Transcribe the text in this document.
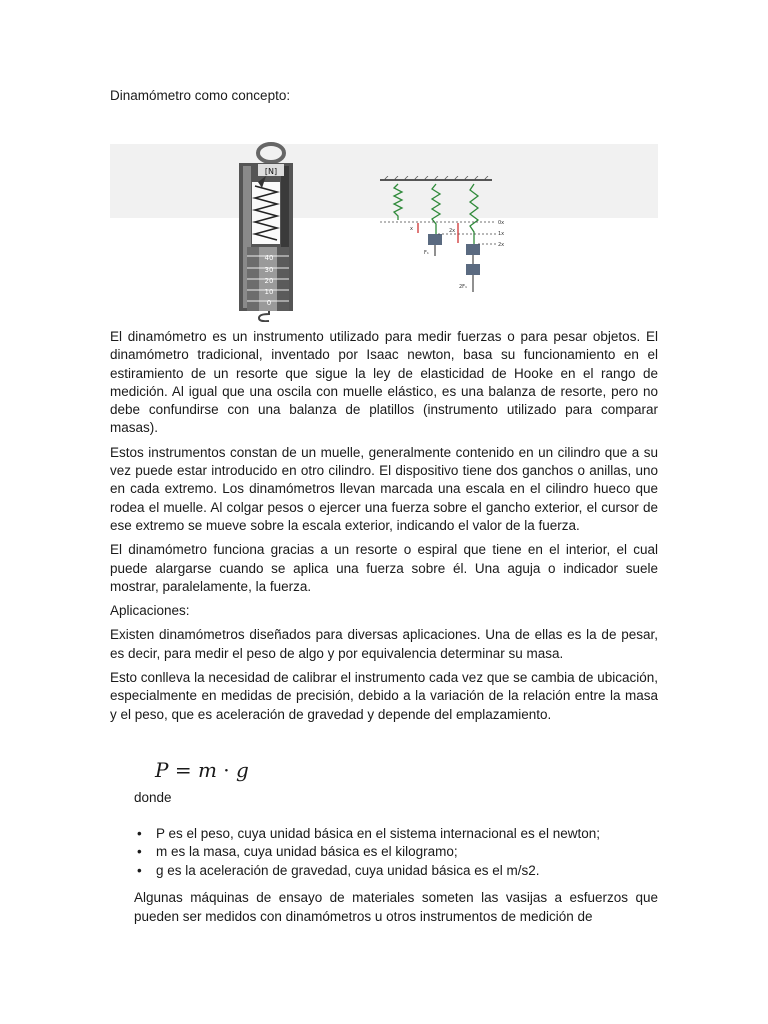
Dinamómetro como concepto:
[N]
40
30
20
10
0
0x
1x
2x
x	2x
F₁
2F₁

El dinamómetro es un instrumento utilizado para medir fuerzas o para pesar objetos. El dinamómetro tradicional, inventado por Isaac newton, basa su funcionamiento en el estiramiento de un resorte que sigue la ley de elasticidad de Hooke en el rango de medición. Al igual que una oscila con muelle elástico, es una balanza de resorte, pero no debe confundirse con una balanza de platillos (instrumento utilizado para comparar masas).

Estos instrumentos constan de un muelle, generalmente contenido en un cilindro que a su vez puede estar introducido en otro cilindro. El dispositivo tiene dos ganchos o anillas, uno en cada extremo. Los dinamómetros llevan marcada una escala en el cilindro hueco que rodea el muelle. Al colgar pesos o ejercer una fuerza sobre el gancho exterior, el cursor de ese extremo se mueve sobre la escala exterior, indicando el valor de la fuerza.

El dinamómetro funciona gracias a un resorte o espiral que tiene en el interior, el cual puede alargarse cuando se aplica una fuerza sobre él. Una aguja o indicador suele mostrar, paralelamente, la fuerza.

Aplicaciones:

Existen dinamómetros diseñados para diversas aplicaciones. Una de ellas es la de pesar, es decir, para medir el peso de algo y por equivalencia determinar su masa.

Esto conlleva la necesidad de calibrar el instrumento cada vez que se cambia de ubicación, especialmente en medidas de precisión, debido a la variación de la relación entre la masa y el peso, que es aceleración de gravedad y depende del emplazamiento.

P = m · g
donde
• P es el peso, cuya unidad básica en el sistema internacional es el newton;
• m es la masa, cuya unidad básica es el kilogramo;
• g es la aceleración de gravedad, cuya unidad básica es el m/s2.

Algunas máquinas de ensayo de materiales someten las vasijas a esfuerzos que pueden ser medidos con dinamómetros u otros instrumentos de medición de
